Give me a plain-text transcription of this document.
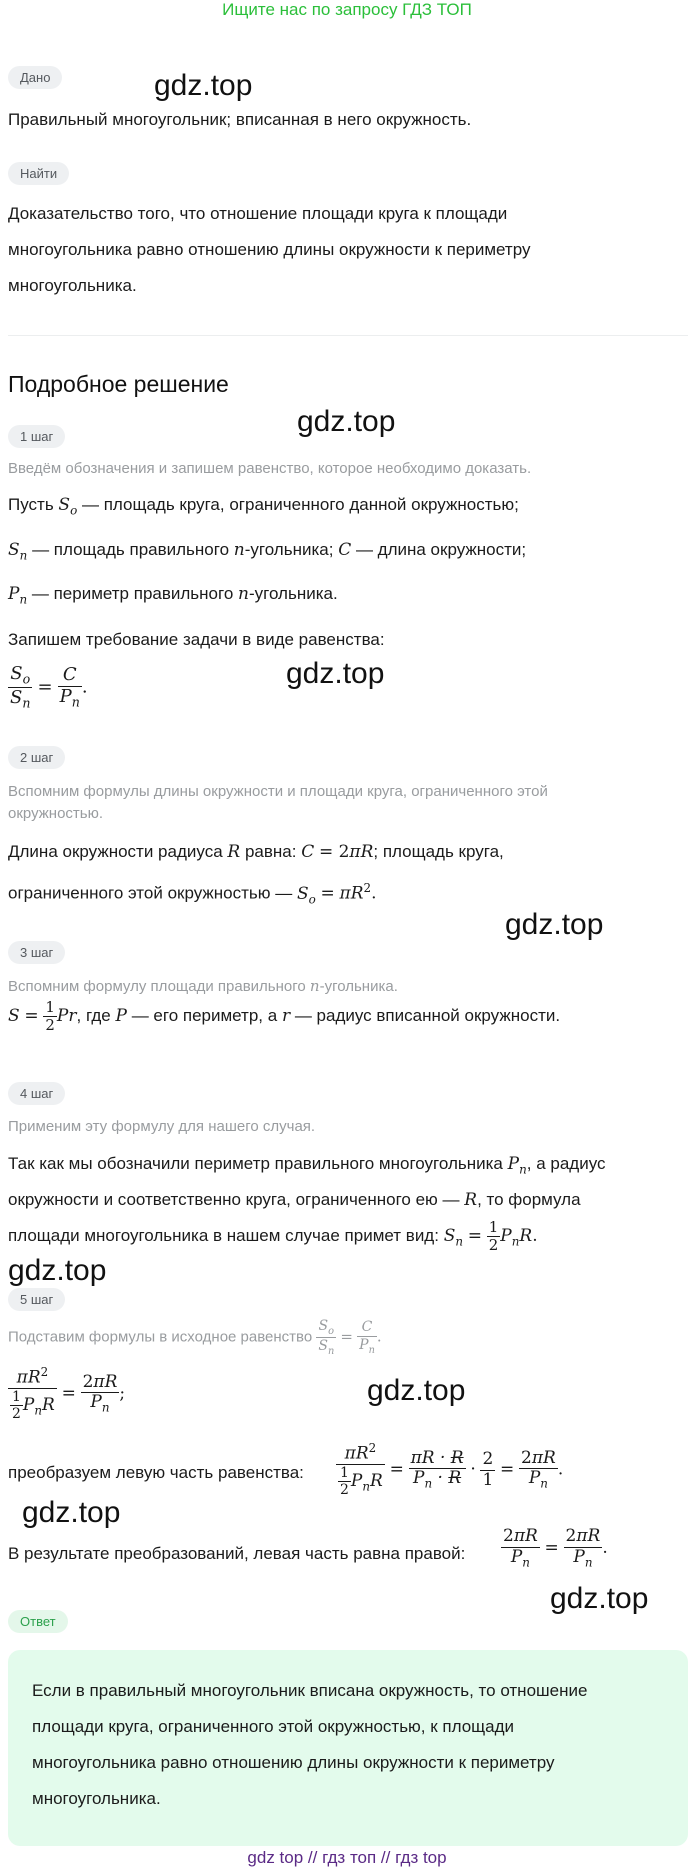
Ищите нас по запросу ГДЗ ТОП
Дано	gdz.top
Правильный многоугольник; вписанная в него окружность.
Найти
Доказательство того, что отношение площади круга к площади
многоугольника равно отношению длины окружности к периметру
многоугольника.
Подробное решение
gdz.top
1 шаг
Введём обозначения и запишем равенство, которое необходимо доказать.
Пусть $S_o$ — площадь круга, ограниченного данной окружностью;
$S_n$ — площадь правильного n-угольника; C — длина окружности;
$P_n$ — периметр правильного n-угольника.
Запишем требование задачи в виде равенства:
$\frac{S_o}{S_n} = \frac{C}{P_n}$ .	gdz.top
2 шаг
Вспомним формулы длины окружности и площади круга, ограниченного этой
окружностью.
Длина окружности радиуса R равна: C = 2πR; площадь круга,
ограниченного этой окружностью — $S_o = \pi R^2$.
gdz.top
3 шаг
Вспомним формулу площади правильного n-угольника.
$S = \frac{1}{2} Pr$, где P — его периметр, а r — радиус вписанной окружности.
4 шаг
Применим эту формулу для нашего случая.
Так как мы обозначили периметр правильного многоугольника $P_n$, а радиус
окружности и соответственно круга, ограниченного ею — R, то формула
площади многоугольника в нашем случае примет вид: $S_n = \frac{1}{2} P_nR$.
gdz.top
5 шаг
Подставим формулы в исходное равенство $\frac{S_o}{S_n} = \frac{C}{P_n}$ .
$\frac{\pi R^2}{\frac{1}{2} P_nR} = \frac{2\pi R}{P_n}$ ;	gdz.top
преобразуем левую часть равенства: $\frac{\pi R^2}{\frac{1}{2} P_nR} = \frac{\pi R \cdot R}{P_n \cdot R} \cdot \frac{2}{1} = \frac{2\pi R}{P_n}$ .
gdz.top
В результате преобразований, левая часть равна правой: $\frac{2\pi R}{P_n} = \frac{2\pi R}{P_n}$ .
gdz.top
Ответ
Если в правильный многоугольник вписана окружность, то отношение
площади круга, ограниченного этой окружностью, к площади
многоугольника равно отношению длины окружности к периметру
многоугольника.
gdz top // гдз топ // гдз top
